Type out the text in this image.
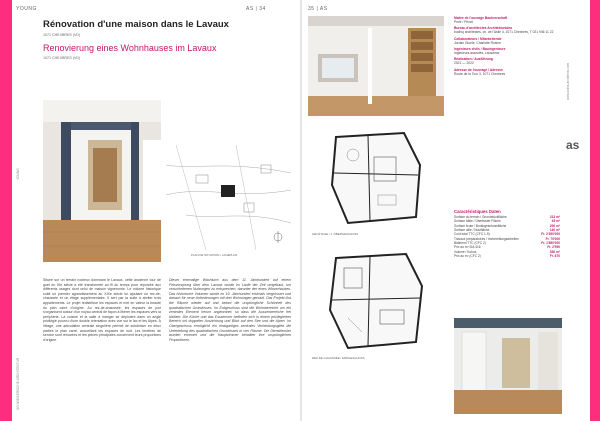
YOUNG	AS | 34
Rénovation d'une maison dans le Lavaux
1071 CHEXBRES (VD)
Renovierung eines Wohnhauses im Lavaux
1071 CHEXBRES (VD)
YOUNG
SCHWEIZERISCHE ARCHITEKTUR
PLAN DE SITUATION / LAGEPLAN
Située sur un terrain rocheux dominant le Lavaux, cette ancienne tour de guet du XIe siècle a été transformée au fil du temps pour répondre aux différents usages dont celui de maison vigneronne. Le volume historique subit un premier agrandissement au XIXe siècle lui ajoutant un rez-de-chaussée et un étage supplémentaire. Il sert par la suite à abriter trois appartements. Le projet redistribue les espaces et met en valeur la beauté du plan carré d'origine. Au rez-de-chaussée, les espaces de jour s'organisent autour d'un noyau central de façon à libérer les espaces vers la périphérie. La cuisine et la salle à manger se déploient dans un angle privilégié pourvu d'une double orientation avec vue sur le lac et les Alpes. À l'étage, une articulation centrale singulière permet de subdiviser en deux parties le plan carré, accueillant les espaces de nuit. Les fenêtres de service sont rénovées et les pièces principales conservent leurs proportions d'origine.
Dieser ehemalige Wachturm aus dem 11. Jahrhundert auf einem Felsvorsprung über dem Lavaux wurde im Laufe der Zeit umgebaut, um verschiedenen Nutzungen zu entsprechen, darunter der eines Winzerhauses. Das historische Volumen wurde im 19. Jahrhundert erstmals vergrössert und danach für neue Anforderungen mit drei Wohnungen genutzt. Das Projekt löst die Räume wieder auf und betont die ursprüngliche Schönheit des quadratischen Grundrisses. Im Erdgeschoss sind die Wohnbereiche um ein zentrales Element herum angeordnet, so dass die Aussenbereiche frei bleiben. Die Küche und das Esszimmer befinden sich in einem privilegierten Bereich mit doppelter Ausrichtung und Blick auf den See und die Alpen. Im Obergeschoss ermöglicht ein einzigartiges zentrales Verbindungsglied die Unterteilung des quadratischen Grundrisses in vier Räume. Die Dienstfenster wurden erneuert und die Hauptzimmer behalten ihre ursprünglichen Proportionen.
35 | AS
1ER ÉTAGE / 1. OBERGESCHOSS
REZ-DE-CHAUSSÉE / ERDGESCHOSS
Maître de l'ouvrage Bauherrschaft
Privé / Privat
Bureau d'architectes Architekturbüro
bodhuj architectes, ch. de l'Asile 4, 1071 Chexbres, T 021 946 11 22
Collaborateurs / Mitarbeitende
Jordan Gioele, Charlotte Rosine
Ingénieurs civils / Bauingenieure
Ingénieurs associés, Lausanne
Réalisation / Ausführung
2021 — 2022
Adresse de l'ouvrage / Adresse
Route de la Tour 3, 1071 Chexbres
Caractéristiques Daten
Surface du terrain / Grundstückfläche	213 m²
Surface bâtie / Überbaute Fläche	45 m²
Surface brute / Bruttogeschossfläche	200 m²
Surface utile / Nutzfläche	140 m²
Coût total TTC (CFC 1-9)	Fr. 2'390'000
Travaux préparatoires / Vorbereitungsarbeiten	Fr. 75'000
Bâtiment TTC (CFC 2)	Fr. 1'850'000
Prix au m³ SIA 416	Fr. 2'590
Volume / Kubus	530 m³
Prix au m² (CFC 2)	Fr. 670
www.swiss-architects.com
as
